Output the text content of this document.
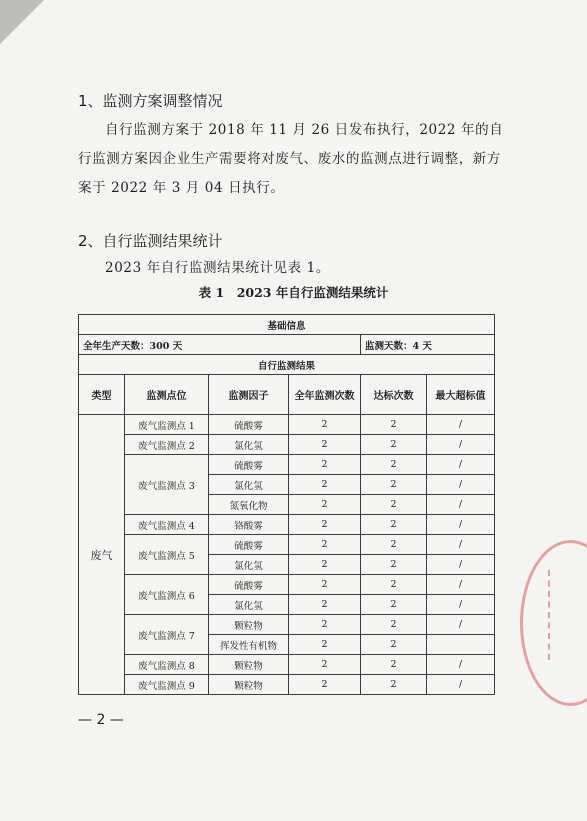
1、监测方案调整情况
自行监测方案于 2018 年 11 月 26 日发布执行，2022 年的自行监测方案因企业生产需要将对废气、废水的监测点进行调整，新方案于 2022 年 3 月 04 日执行。
2、自行监测结果统计
2023 年自行监测结果统计见表 1。
表 1　2023 年自行监测结果统计
基础信息					
全年生产天数：300 天				监测天数：4 天	
自行监测结果					
类型	监测点位	监测因子	全年监测次数	达标次数	最大超标值
废气	废气监测点 1	硫酸雾	2	2	/
	废气监测点 2	氯化氢	2	2	/
	废气监测点 3	硫酸雾	2	2	/
		氯化氢	2	2	/
		氮氧化物	2	2	/
	废气监测点 4	铬酸雾	2	2	/
	废气监测点 5	硫酸雾	2	2	/
		氯化氢	2	2	/
	废气监测点 6	硫酸雾	2	2	/
		氯化氢	2	2	/
	废气监测点 7	颗粒物	2	2	/
		挥发性有机物	2	2	
	废气监测点 8	颗粒物	2	2	/
	废气监测点 9	颗粒物	2	2	/
— 2 —
